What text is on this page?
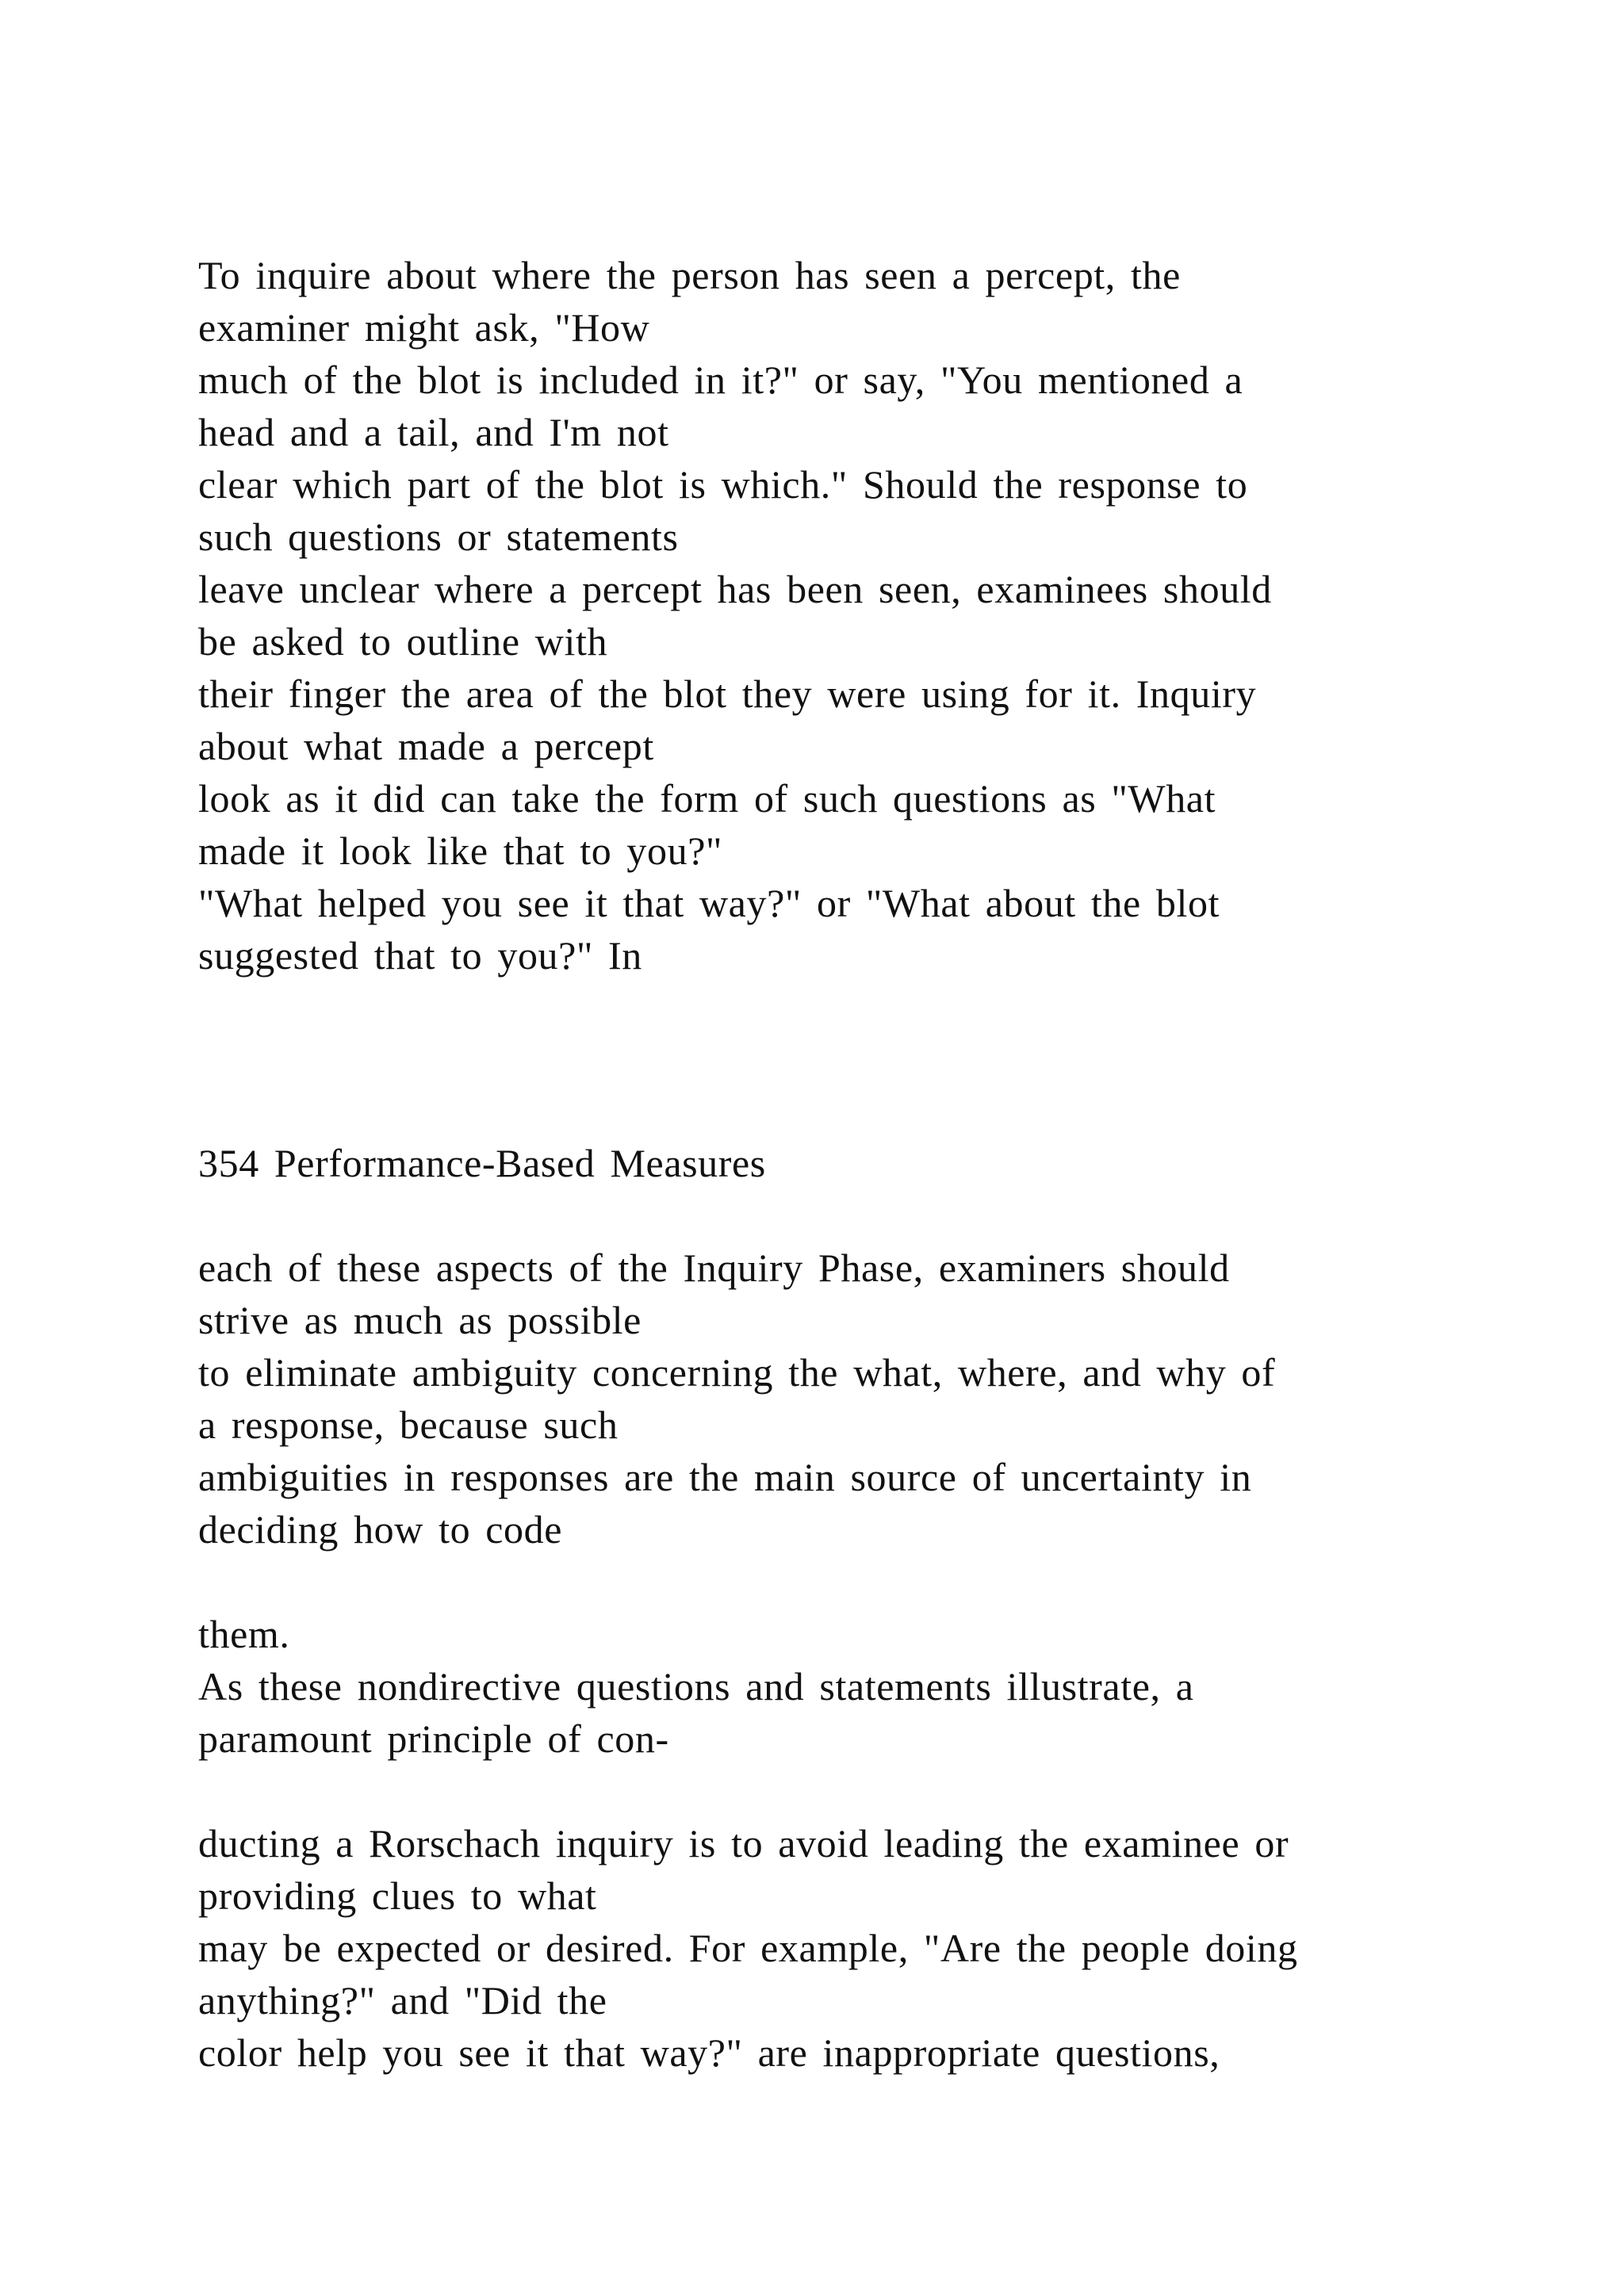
To inquire about where the person has seen a percept, the

examiner might ask, "How

much of the blot is included in it?" or say, "You mentioned a

head and a tail, and I'm not

clear which part of the blot is which." Should the response to

such questions or statements

leave unclear where a percept has been seen, examinees should

be asked to outline with

their finger the area of the blot they were using for it. Inquiry

about what made a percept

look as it did can take the form of such questions as "What

made it look like that to you?"

"What helped you see it that way?" or "What about the blot

suggested that to you?" In

354 Performance-Based Measures

each of these aspects of the Inquiry Phase, examiners should

strive as much as possible

to eliminate ambiguity concerning the what, where, and why of

a response, because such

ambiguities in responses are the main source of uncertainty in

deciding how to code

them.

As these nondirective questions and statements illustrate, a

paramount principle of con-

ducting a Rorschach inquiry is to avoid leading the examinee or

providing clues to what

may be expected or desired. For example, "Are the people doing

anything?" and "Did the

color help you see it that way?" are inappropriate questions,
